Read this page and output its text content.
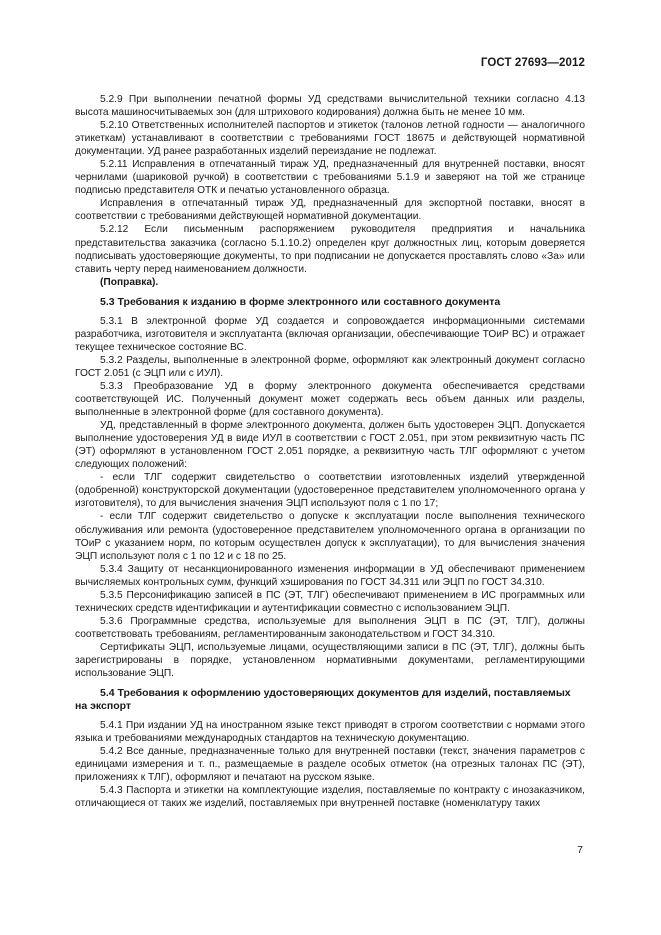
ГОСТ 27693—2012

5.2.9 При выполнении печатной формы УД средствами вычислительной техники согласно 4.13 высота машиносчитываемых зон (для штрихового кодирования) должна быть не менее 10 мм.

5.2.10 Ответственных исполнителей паспортов и этикеток (талонов летной годности — аналогичного этикеткам) устанавливают в соответствии с требованиями ГОСТ 18675 и действующей нормативной документации. УД ранее разработанных изделий переиздание не подлежат.

5.2.11 Исправления в отпечатанный тираж УД, предназначенный для внутренней поставки, вносят чернилами (шариковой ручкой) в соответствии с требованиями 5.1.9 и заверяют на той же странице подписью представителя ОТК и печатью установленного образца.

Исправления в отпечатанный тираж УД, предназначенный для экспортной поставки, вносят в соответствии с требованиями действующей нормативной документации.

5.2.12 Если письменным распоряжением руководителя предприятия и начальника представительства заказчика (согласно 5.1.10.2) определен круг должностных лиц, которым доверяется подписывать удостоверяющие документы, то при подписании не допускается проставлять слово «За» или ставить черту перед наименованием должности.

(Поправка).

5.3 Требования к изданию в форме электронного или составного документа

5.3.1 В электронной форме УД создается и сопровождается информационными системами разработчика, изготовителя и эксплуатанта (включая организации, обеспечивающие ТОиР ВС) и отражает текущее техническое состояние ВС.

5.3.2 Разделы, выполненные в электронной форме, оформляют как электронный документ согласно ГОСТ 2.051 (с ЭЦП или с ИУЛ).

5.3.3 Преобразование УД в форму электронного документа обеспечивается средствами соответствующей ИС. Полученный документ может содержать весь объем данных или разделы, выполненные в электронной форме (для составного документа).

УД, представленный в форме электронного документа, должен быть удостоверен ЭЦП. Допускается выполнение удостоверения УД в виде ИУЛ в соответствии с ГОСТ 2.051, при этом реквизитную часть ПС (ЭТ) оформляют в установленном ГОСТ 2.051 порядке, а реквизитную часть ТЛГ оформляют с учетом следующих положений:

- если ТЛГ содержит свидетельство о соответствии изготовленных изделий утвержденной (одобренной) конструкторской документации (удостоверенное представителем уполномоченного органа у изготовителя), то для вычисления значения ЭЦП используют поля с 1 по 17;

- если ТЛГ содержит свидетельство о допуске к эксплуатации после выполнения технического обслуживания или ремонта (удостоверенное представителем уполномоченного органа в организации по ТОиР с указанием норм, по которым осуществлен допуск к эксплуатации), то для вычисления значения ЭЦП используют поля с 1 по 12 и с 18 по 25.

5.3.4 Защиту от несанкционированного изменения информации в УД обеспечивают применением вычисляемых контрольных сумм, функций хэширования по ГОСТ 34.311 или ЭЦП по ГОСТ 34.310.

5.3.5 Персонификацию записей в ПС (ЭТ, ТЛГ) обеспечивают применением в ИС программных или технических средств идентификации и аутентификации совместно с использованием ЭЦП.

5.3.6 Программные средства, используемые для выполнения ЭЦП в ПС (ЭТ, ТЛГ), должны соответствовать требованиям, регламентированным законодательством и ГОСТ 34.310.

Сертификаты ЭЦП, используемые лицами, осуществляющими записи в ПС (ЭТ, ТЛГ), должны быть зарегистрированы в порядке, установленном нормативными документами, регламентирующими использование ЭЦП.

5.4 Требования к оформлению удостоверяющих документов для изделий, поставляемых на экспорт

5.4.1 При издании УД на иностранном языке текст приводят в строгом соответствии с нормами этого языка и требованиями международных стандартов на техническую документацию.

5.4.2 Все данные, предназначенные только для внутренней поставки (текст, значения параметров с единицами измерения и т. п., размещаемые в разделе особых отметок (на отрезных талонах ПС (ЭТ), приложениях к ТЛГ), оформляют и печатают на русском языке.

5.4.3 Паспорта и этикетки на комплектующие изделия, поставляемые по контракту с инозаказчиком, отличающиеся от таких же изделий, поставляемых при внутренней поставке (номенклатуру таких

7
